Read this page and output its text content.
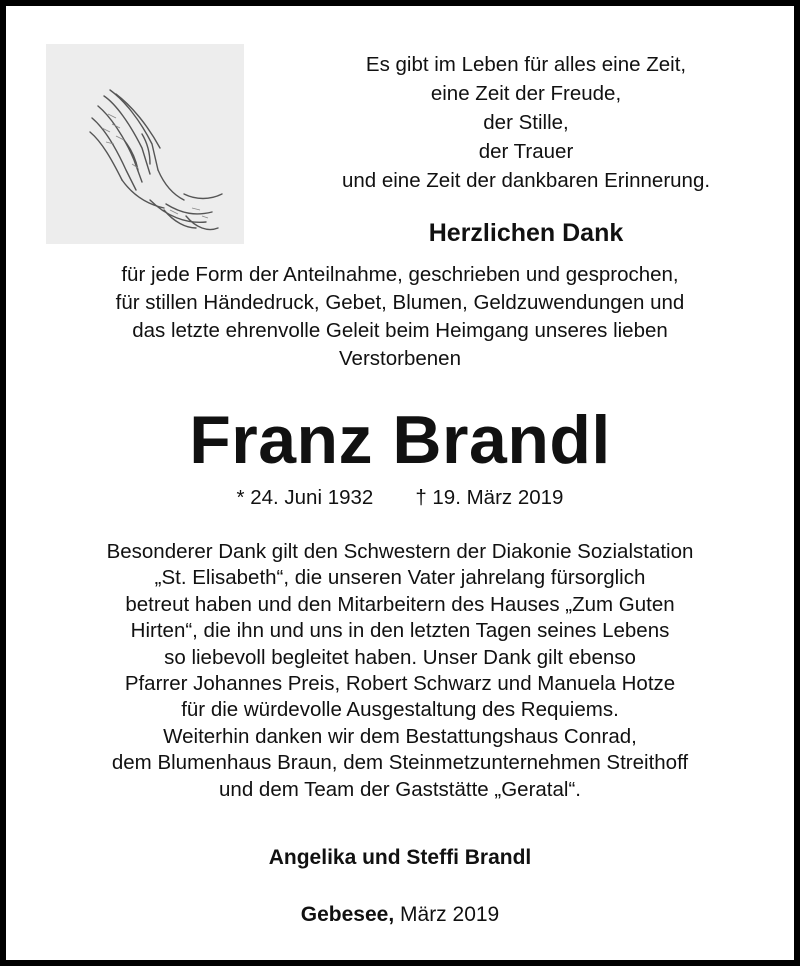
Es gibt im Leben für alles eine Zeit,
eine Zeit der Freude,
der Stille,
der Trauer
und eine Zeit der dankbaren Erinnerung.
Herzlichen Dank
für jede Form der Anteilnahme, geschrieben und gesprochen,
für stillen Händedruck, Gebet, Blumen, Geldzuwendungen und
das letzte ehrenvolle Geleit beim Heimgang unseres lieben
Verstorbenen
Franz Brandl
* 24. Juni 1932 † 19. März 2019
Besonderer Dank gilt den Schwestern der Diakonie Sozialstation
„St. Elisabeth“, die unseren Vater jahrelang fürsorglich
betreut haben und den Mitarbeitern des Hauses „Zum Guten
Hirten“, die ihn und uns in den letzten Tagen seines Lebens
so liebevoll begleitet haben. Unser Dank gilt ebenso
Pfarrer Johannes Preis, Robert Schwarz und Manuela Hotze
für die würdevolle Ausgestaltung des Requiems.
Weiterhin danken wir dem Bestattungshaus Conrad,
dem Blumenhaus Braun, dem Steinmetzunternehmen Streithoff
und dem Team der Gaststätte „Geratal“.
Angelika und Steffi Brandl
Gebesee, März 2019
